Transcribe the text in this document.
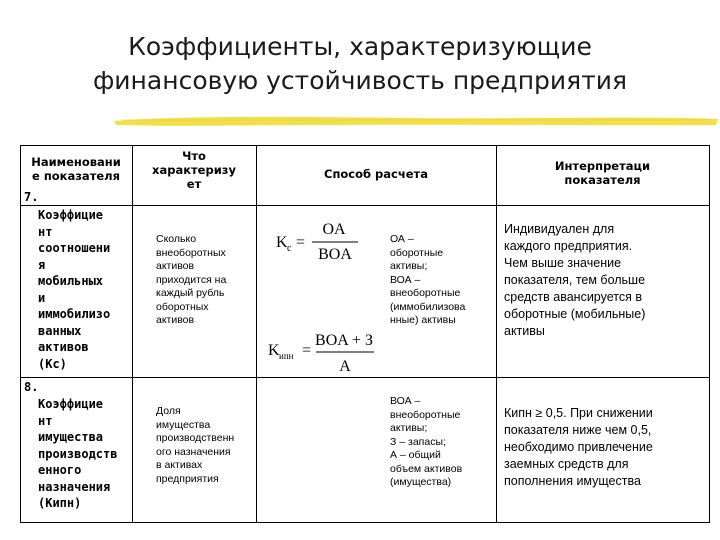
Коэффициенты, характеризующие
финансовую устойчивость предприятия
Наименовани
е показателя
Что
характеризу
ет
Способ расчета
Интерпретаци
показателя
7.
Коэффицие
нт
соотношени
я
мобильных
и
иммобилизо
ванных
активов
(Кс)
Сколько
внеоборотных
активов
приходится на
каждый рубль
оборотных
активов
K c =
OA
BOA
K ипн =
BOA + З
A
ОА –
оборотные
активы;
ВОА –
внеоборотные
(иммобилизова
нные) активы
Индивидуален для
каждого предприятия.
Чем выше значение
показателя, тем больше
средств авансируется в
оборотные (мобильные)
активы
8.
Коэффицие
нт
имущества
производств
енного
назначения
(Кипн)
Доля
имущества
производственн
ого назначения
в активах
предприятия
ВОА –
внеоборотные
активы;
З – запасы;
А – общий
объем активов
(имущества)
Кипн ≥ 0,5. При снижении
показателя ниже чем 0,5,
необходимо привлечение
заемных средств для
пополнения имущества
